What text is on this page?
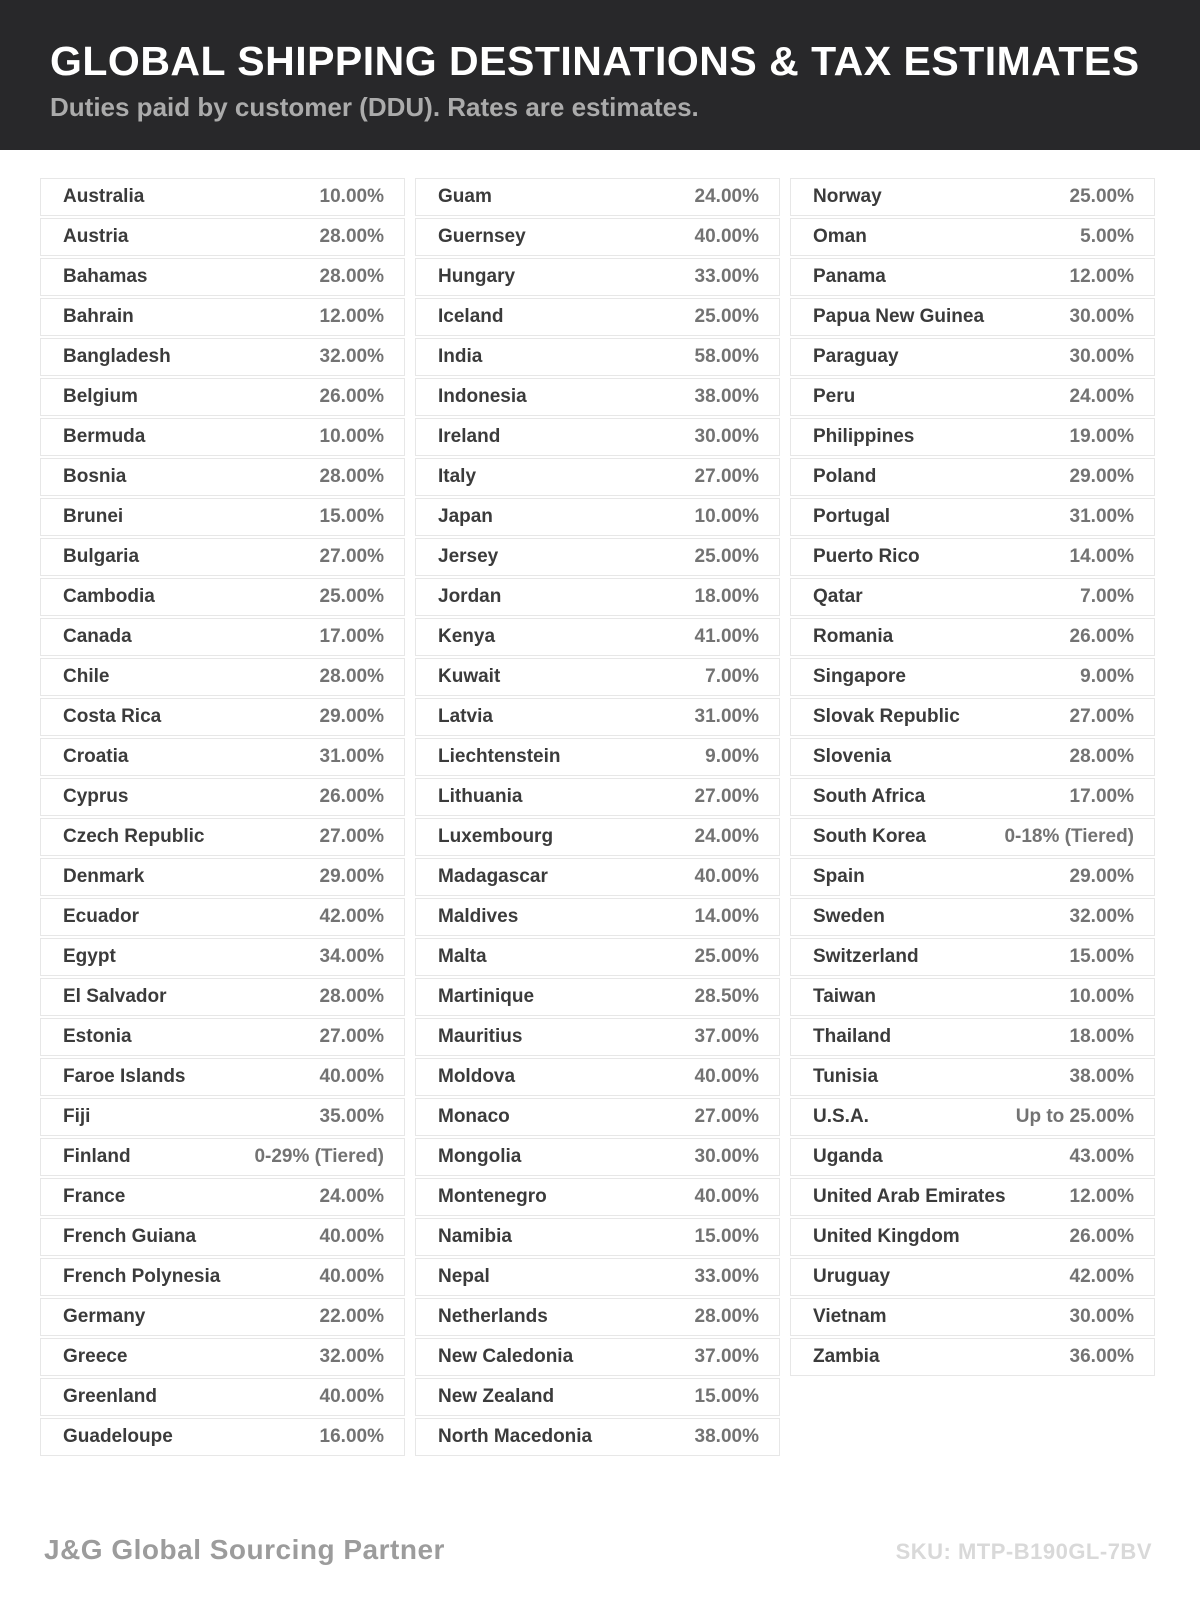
GLOBAL SHIPPING DESTINATIONS & TAX ESTIMATES

Duties paid by customer (DDU). Rates are estimates.

Australia	10.00%
Austria	28.00%
Bahamas	28.00%
Bahrain	12.00%
Bangladesh	32.00%
Belgium	26.00%
Bermuda	10.00%
Bosnia	28.00%
Brunei	15.00%
Bulgaria	27.00%
Cambodia	25.00%
Canada	17.00%
Chile	28.00%
Costa Rica	29.00%
Croatia	31.00%
Cyprus	26.00%
Czech Republic	27.00%
Denmark	29.00%
Ecuador	42.00%
Egypt	34.00%
El Salvador	28.00%
Estonia	27.00%
Faroe Islands	40.00%
Fiji	35.00%
Finland	0-29% (Tiered)
France	24.00%
French Guiana	40.00%
French Polynesia	40.00%
Germany	22.00%
Greece	32.00%
Greenland	40.00%
Guadeloupe	16.00%
Guam	24.00%
Guernsey	40.00%
Hungary	33.00%
Iceland	25.00%
India	58.00%
Indonesia	38.00%
Ireland	30.00%
Italy	27.00%
Japan	10.00%
Jersey	25.00%
Jordan	18.00%
Kenya	41.00%
Kuwait	7.00%
Latvia	31.00%
Liechtenstein	9.00%
Lithuania	27.00%
Luxembourg	24.00%
Madagascar	40.00%
Maldives	14.00%
Malta	25.00%
Martinique	28.50%
Mauritius	37.00%
Moldova	40.00%
Monaco	27.00%
Mongolia	30.00%
Montenegro	40.00%
Namibia	15.00%
Nepal	33.00%
Netherlands	28.00%
New Caledonia	37.00%
New Zealand	15.00%
North Macedonia	38.00%
Norway	25.00%
Oman	5.00%
Panama	12.00%
Papua New Guinea	30.00%
Paraguay	30.00%
Peru	24.00%
Philippines	19.00%
Poland	29.00%
Portugal	31.00%
Puerto Rico	14.00%
Qatar	7.00%
Romania	26.00%
Singapore	9.00%
Slovak Republic	27.00%
Slovenia	28.00%
South Africa	17.00%
South Korea	0-18% (Tiered)
Spain	29.00%
Sweden	32.00%
Switzerland	15.00%
Taiwan	10.00%
Thailand	18.00%
Tunisia	38.00%
U.S.A.	Up to 25.00%
Uganda	43.00%
United Arab Emirates	12.00%
United Kingdom	26.00%
Uruguay	42.00%
Vietnam	30.00%
Zambia	36.00%
J&G Global Sourcing Partner	SKU: MTP-B190GL-7BV
